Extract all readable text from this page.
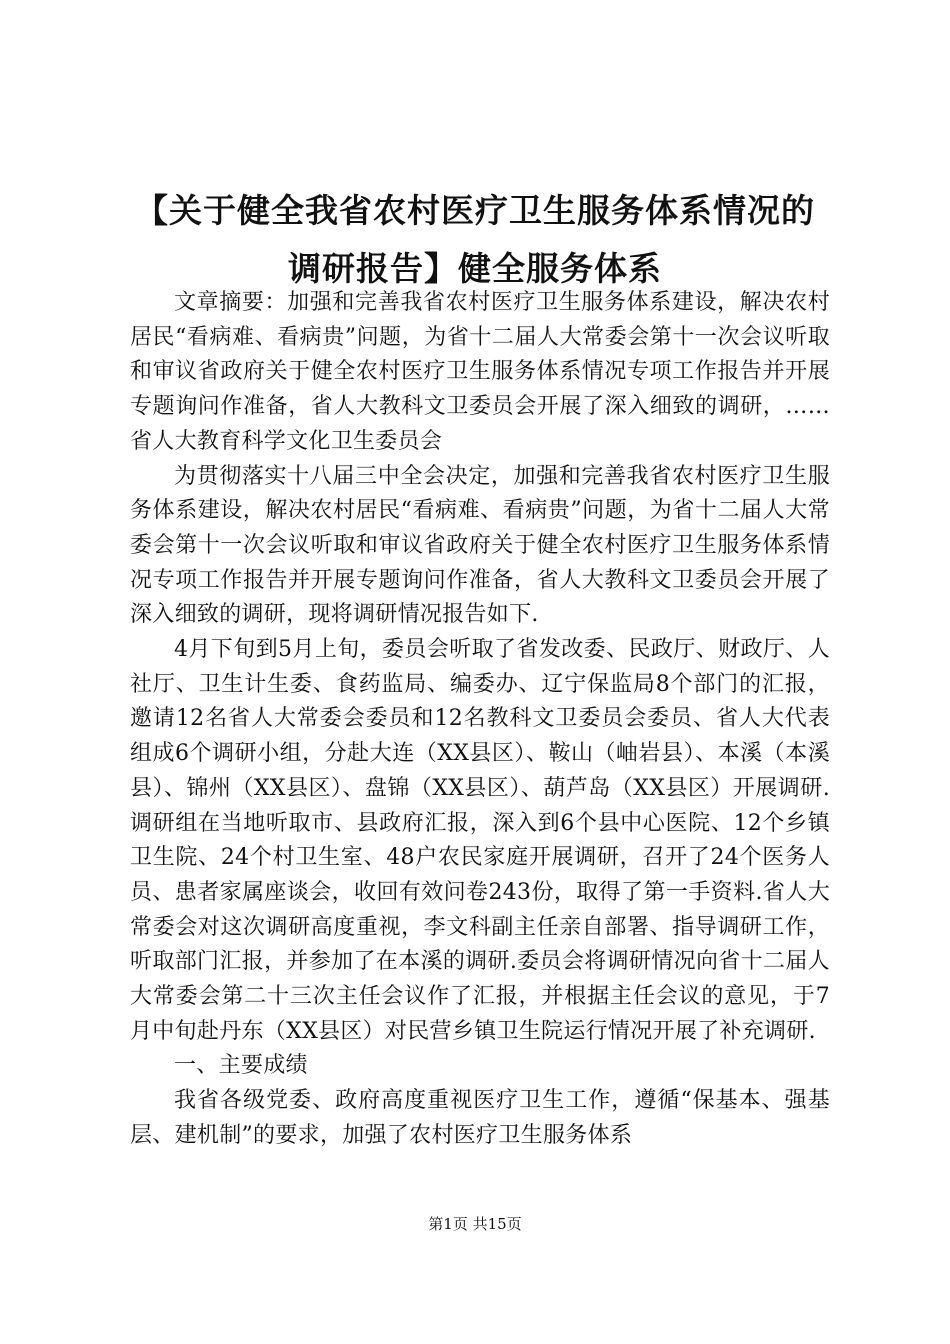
【关于健全我省农村医疗卫生服务体系情况的
调研报告】健全服务体系

文章摘要：加强和完善我省农村医疗卫生服务体系建设，解决农村居民“看病难、看病贵”问题，为省十二届人大常委会第十一次会议听取和审议省政府关于健全农村医疗卫生服务体系情况专项工作报告并开展专题询问作准备，省人大教科文卫委员会开展了深入细致的调研，……省人大教育科学文化卫生委员会

为贯彻落实十八届三中全会决定，加强和完善我省农村医疗卫生服务体系建设，解决农村居民“看病难、看病贵”问题，为省十二届人大常委会第十一次会议听取和审议省政府关于健全农村医疗卫生服务体系情况专项工作报告并开展专题询问作准备，省人大教科文卫委员会开展了深入细致的调研，现将调研情况报告如下.

4月下旬到5月上旬，委员会听取了省发改委、民政厅、财政厅、人社厅、卫生计生委、食药监局、编委办、辽宁保监局8个部门的汇报，邀请12名省人大常委会委员和12名教科文卫委员会委员、省人大代表组成6个调研小组，分赴大连（XX县区）、鞍山（岫岩县）、本溪（本溪县）、锦州（XX县区）、盘锦（XX县区）、葫芦岛（XX县区）开展调研.调研组在当地听取市、县政府汇报，深入到6个县中心医院、12个乡镇卫生院、24个村卫生室、48户农民家庭开展调研，召开了24个医务人员、患者家属座谈会，收回有效问卷243份，取得了第一手资料.省人大常委会对这次调研高度重视，李文科副主任亲自部署、指导调研工作，听取部门汇报，并参加了在本溪的调研.委员会将调研情况向省十二届人大常委会第二十三次主任会议作了汇报，并根据主任会议的意见，于7月中旬赴丹东（XX县区）对民营乡镇卫生院运行情况开展了补充调研.

一、主要成绩

我省各级党委、政府高度重视医疗卫生工作，遵循“保基本、强基层、建机制”的要求，加强了农村医疗卫生服务体系

第1页 共15页
